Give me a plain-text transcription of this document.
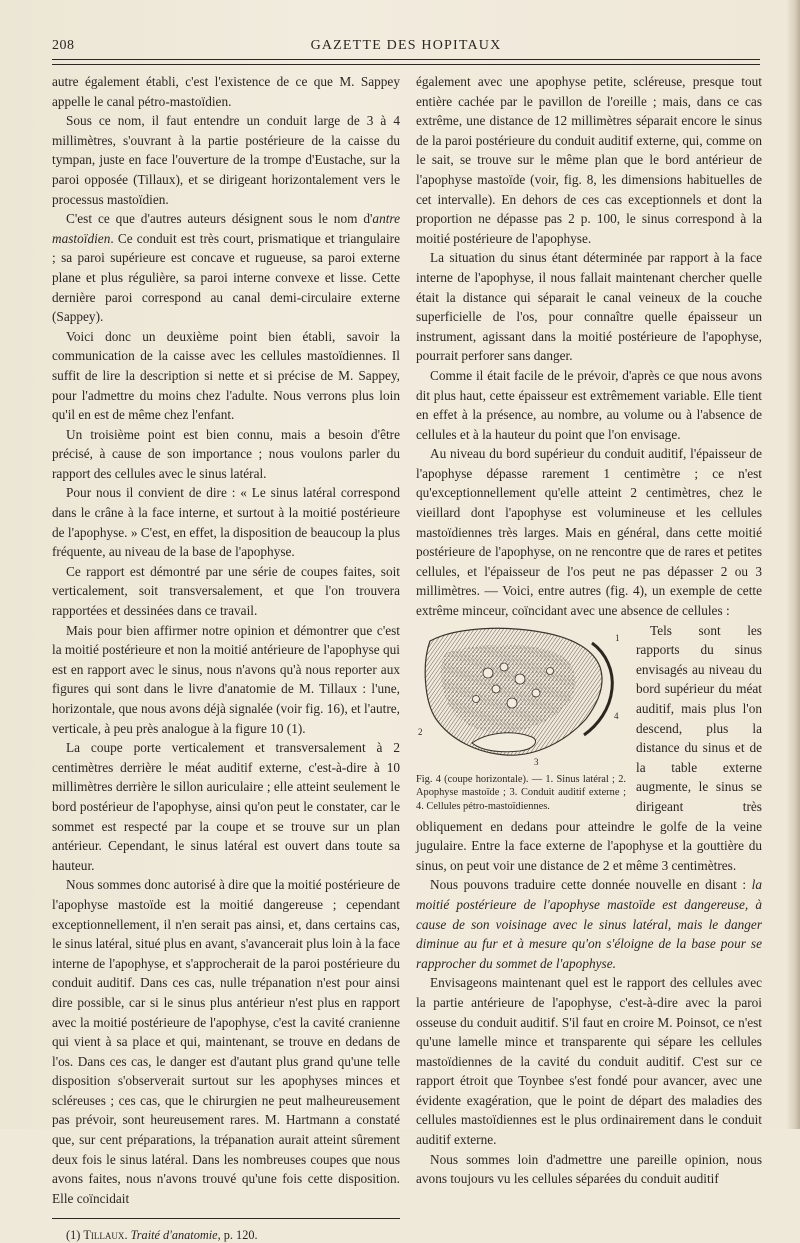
208	GAZETTE DES HOPITAUX

autre également établi, c'est l'existence de ce que M. Sappey appelle le canal pétro-mastoïdien.

Sous ce nom, il faut entendre un conduit large de 3 à 4 millimètres, s'ouvrant à la partie postérieure de la caisse du tympan, juste en face l'ouverture de la trompe d'Eustache, sur la paroi opposée (Tillaux), et se dirigeant horizontalement vers le processus mastoïdien.

C'est ce que d'autres auteurs désignent sous le nom d'antre mastoïdien. Ce conduit est très court, prismatique et triangulaire ; sa paroi supérieure est concave et rugueuse, sa paroi externe plane et plus régulière, sa paroi interne convexe et lisse. Cette dernière paroi correspond au canal demi-circulaire externe (Sappey).

Voici donc un deuxième point bien établi, savoir la communication de la caisse avec les cellules mastoïdiennes. Il suffit de lire la description si nette et si précise de M. Sappey, pour l'admettre du moins chez l'adulte. Nous verrons plus loin qu'il en est de même chez l'enfant.

Un troisième point est bien connu, mais a besoin d'être précisé, à cause de son importance ; nous voulons parler du rapport des cellules avec le sinus latéral.

Pour nous il convient de dire : « Le sinus latéral correspond dans le crâne à la face interne, et surtout à la moitié postérieure de l'apophyse. » C'est, en effet, la disposition de beaucoup la plus fréquente, au niveau de la base de l'apophyse.

Ce rapport est démontré par une série de coupes faites, soit verticalement, soit transversalement, et que l'on trouvera rapportées et dessinées dans ce travail.

Mais pour bien affirmer notre opinion et démontrer que c'est la moitié postérieure et non la moitié antérieure de l'apophyse qui est en rapport avec le sinus, nous n'avons qu'à nous reporter aux figures qui sont dans le livre d'anatomie de M. Tillaux : l'une, horizontale, que nous avons déjà signalée (voir fig. 16), et l'autre, verticale, à peu près analogue à la figure 10 (1).

La coupe porte verticalement et transversalement à 2 centimètres derrière le méat auditif externe, c'est-à-dire à 10 millimètres derrière le sillon auriculaire ; elle atteint seulement le bord postérieur de l'apophyse, ainsi qu'on peut le constater, car le sommet est respecté par la coupe et se trouve sur un plan antérieur. Cependant, le sinus latéral est ouvert dans toute sa hauteur.

Nous sommes donc autorisé à dire que la moitié postérieure de l'apophyse mastoïde est la moitié dangereuse ; cependant exceptionnellement, il n'en serait pas ainsi, et, dans certains cas, le sinus latéral, situé plus en avant, s'avancerait plus loin à la face interne de l'apophyse, et s'approcherait de la paroi postérieure du conduit auditif. Dans ces cas, nulle trépanation n'est pour ainsi dire possible, car si le sinus plus antérieur n'est plus en rapport avec la moitié postérieure de l'apophyse, c'est la cavité cranienne qui vient à sa place et qui, maintenant, se trouve en dedans de l'os. Dans ces cas, le danger est d'autant plus grand qu'une telle disposition s'observerait surtout sur les apophyses minces et scléreuses ; ces cas, que le chirurgien ne peut malheureusement pas prévoir, sont heureusement rares. M. Hartmann a constaté que, sur cent préparations, la trépanation aurait atteint sûrement deux fois le sinus latéral. Dans les nombreuses coupes que nous avons faites, nous n'avons trouvé qu'une fois cette disposition. Elle coïncidait

(1) Tillaux. Traité d'anatomie, p. 120.

également avec une apophyse petite, scléreuse, presque tout entière cachée par le pavillon de l'oreille ; mais, dans ce cas extrême, une distance de 12 millimètres séparait encore le sinus de la paroi postérieure du conduit auditif externe, qui, comme on le sait, se trouve sur le même plan que le bord antérieur de l'apophyse mastoïde (voir, fig. 8, les dimensions habituelles de cet intervalle). En dehors de ces cas exceptionnels et dont la proportion ne dépasse pas 2 p. 100, le sinus correspond à la moitié postérieure de l'apophyse.

La situation du sinus étant déterminée par rapport à la face interne de l'apophyse, il nous fallait maintenant chercher quelle était la distance qui séparait le canal veineux de la couche superficielle de l'os, pour connaître quelle épaisseur un instrument, agissant dans la moitié postérieure de l'apophyse, pourrait perforer sans danger.

Comme il était facile de le prévoir, d'après ce que nous avons dit plus haut, cette épaisseur est extrêmement variable. Elle tient en effet à la présence, au nombre, au volume ou à l'absence de cellules et à la hauteur du point que l'on envisage.

Au niveau du bord supérieur du conduit auditif, l'épaisseur de l'apophyse dépasse rarement 1 centimètre ; ce n'est qu'exceptionnellement qu'elle atteint 2 centimètres, chez le vieillard dont l'apophyse est volumineuse et les cellules mastoïdiennes très larges. Mais en général, dans cette moitié postérieure de l'apophyse, on ne rencontre que de rares et petites cellules, et l'épaisseur de l'os peut ne pas dépasser 2 ou 3 millimètres. — Voici, entre autres (fig. 4), un exemple de cette extrême minceur, coïncidant avec une absence de cellules :

1
2
3
4
Fig. 4 (coupe horizontale). — 1. Sinus latéral ; 2. Apophyse mastoïde ; 3. Conduit auditif externe ; 4. Cellules pétro-mastoïdiennes.

Tels sont les rapports du sinus envisagés au niveau du bord supérieur du méat auditif, mais plus l'on descend, plus la distance du sinus et de la table externe augmente, le sinus se dirigeant très obliquement en dedans pour atteindre le golfe de la veine jugulaire. Entre la face externe de l'apophyse et la gouttière du sinus, on peut voir une distance de 2 et même 3 centimètres.

Nous pouvons traduire cette donnée nouvelle en disant : la moitié postérieure de l'apophyse mastoïde est dangereuse, à cause de son voisinage avec le sinus latéral, mais le danger diminue au fur et à mesure qu'on s'éloigne de la base pour se rapprocher du sommet de l'apophyse.

Envisageons maintenant quel est le rapport des cellules avec la partie antérieure de l'apophyse, c'est-à-dire avec la paroi osseuse du conduit auditif. S'il faut en croire M. Poinsot, ce n'est qu'une lamelle mince et transparente qui sépare les cellules mastoïdiennes de la cavité du conduit auditif. C'est sur ce rapport étroit que Toynbee s'est fondé pour avancer, avec une évidente exagération, que le point de départ des maladies des cellules mastoïdiennes est le plus ordinairement dans le conduit auditif externe.

Nous sommes loin d'admettre une pareille opinion, nous avons toujours vu les cellules séparées du conduit auditif
